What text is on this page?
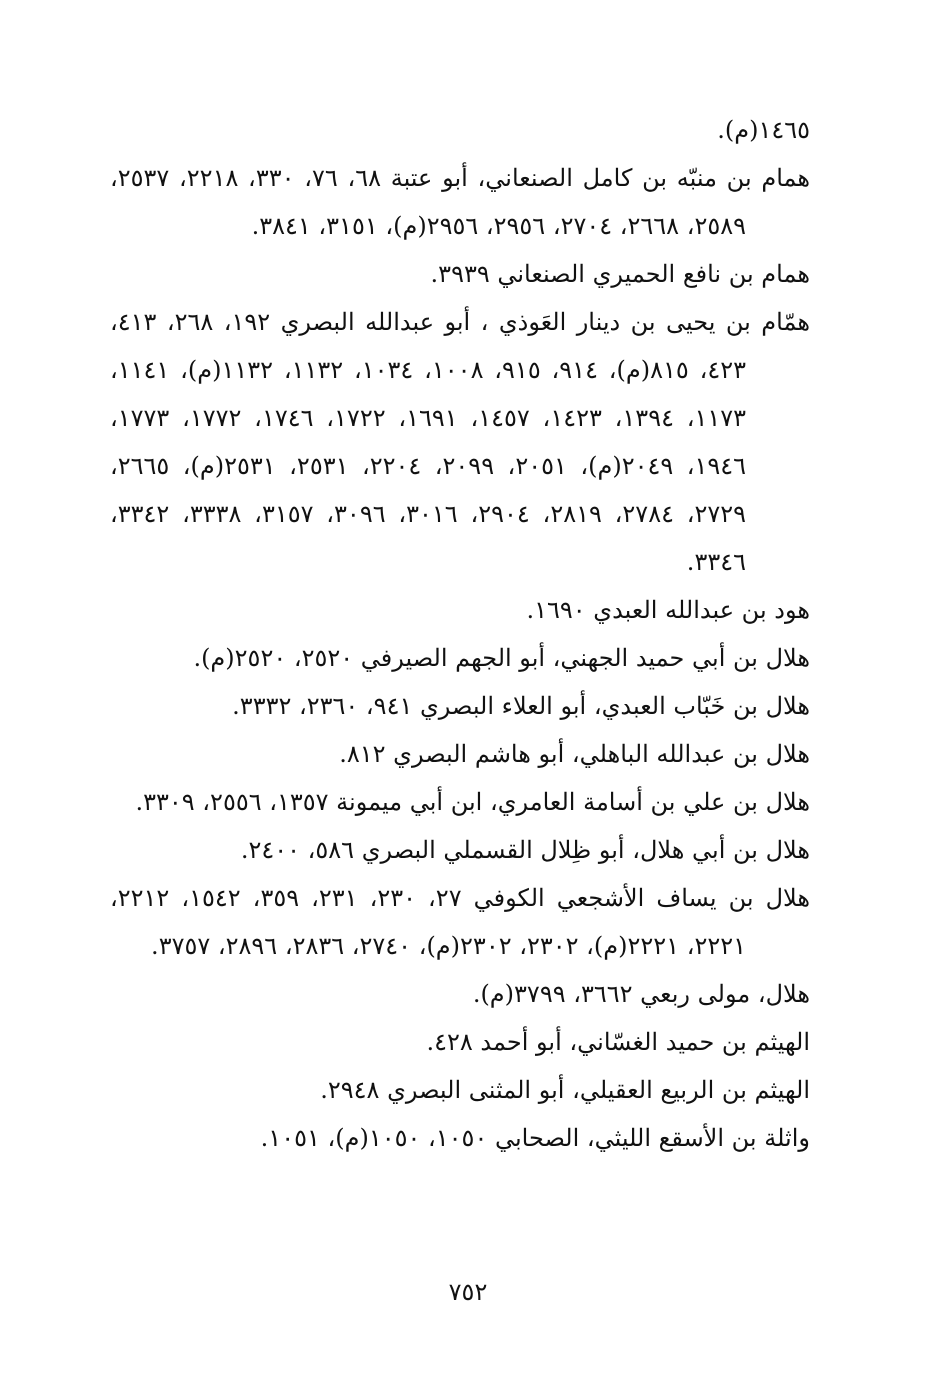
١٤٦٥(م).

همام بن منبّه بن كامل الصنعاني، أبو عتبة ٦٨، ٧٦، ٣٣٠، ٢٢١٨، ٢٥٣٧، ٢٥٨٩، ٢٦٦٨، ٢٧٠٤، ٢٩٥٦، ٢٩٥٦(م)، ٣١٥١، ٣٨٤١.

همام بن نافع الحميري الصنعاني ٣٩٣٩.

همّام بن يحيى بن دينار العَوذي ، أبو عبدالله البصري ١٩٢، ٢٦٨، ٤١٣، ٤٢٣، ٨١٥(م)، ٩١٤، ٩١٥، ١٠٠٨، ١٠٣٤، ١١٣٢، ١١٣٢(م)، ١١٤١، ١١٧٣، ١٣٩٤، ١٤٢٣، ١٤٥٧، ١٦٩١، ١٧٢٢، ١٧٤٦، ١٧٧٢، ١٧٧٣، ١٩٤٦، ٢٠٤٩(م)، ٢٠٥١، ٢٠٩٩، ٢٢٠٤، ٢٥٣١، ٢٥٣١(م)، ٢٦٦٥، ٢٧٢٩، ٢٧٨٤، ٢٨١٩، ٢٩٠٤، ٣٠١٦، ٣٠٩٦، ٣١٥٧، ٣٣٣٨، ٣٣٤٢، ٣٣٤٦.

هود بن عبدالله العبدي ١٦٩٠.

هلال بن أبي حميد الجهني، أبو الجهم الصيرفي ٢٥٢٠، ٢٥٢٠(م).

هلال بن خَبّاب العبدي، أبو العلاء البصري ٩٤١، ٢٣٦٠، ٣٣٣٢.

هلال بن عبدالله الباهلي، أبو هاشم البصري ٨١٢.

هلال بن علي بن أسامة العامري، ابن أبي ميمونة ١٣٥٧، ٢٥٥٦، ٣٣٠٩.

هلال بن أبي هلال، أبو ظِلال القسملي البصري ٥٨٦، ٢٤٠٠.

هلال بن يساف الأشجعي الكوفي ٢٧، ٢٣٠، ٢٣١، ٣٥٩، ١٥٤٢، ٢٢١٢، ٢٢٢١، ٢٢٢١(م)، ٢٣٠٢، ٢٣٠٢(م)، ٢٧٤٠، ٢٨٣٦، ٢٨٩٦، ٣٧٥٧.

هلال، مولى ربعي ٣٦٦٢، ٣٧٩٩(م).

الهيثم بن حميد الغسّاني، أبو أحمد ٤٢٨.

الهيثم بن الربيع العقيلي، أبو المثنى البصري ٢٩٤٨.

واثلة بن الأسقع الليثي، الصحابي ١٠٥٠، ١٠٥٠(م)، ١٠٥١.

٧٥٢
